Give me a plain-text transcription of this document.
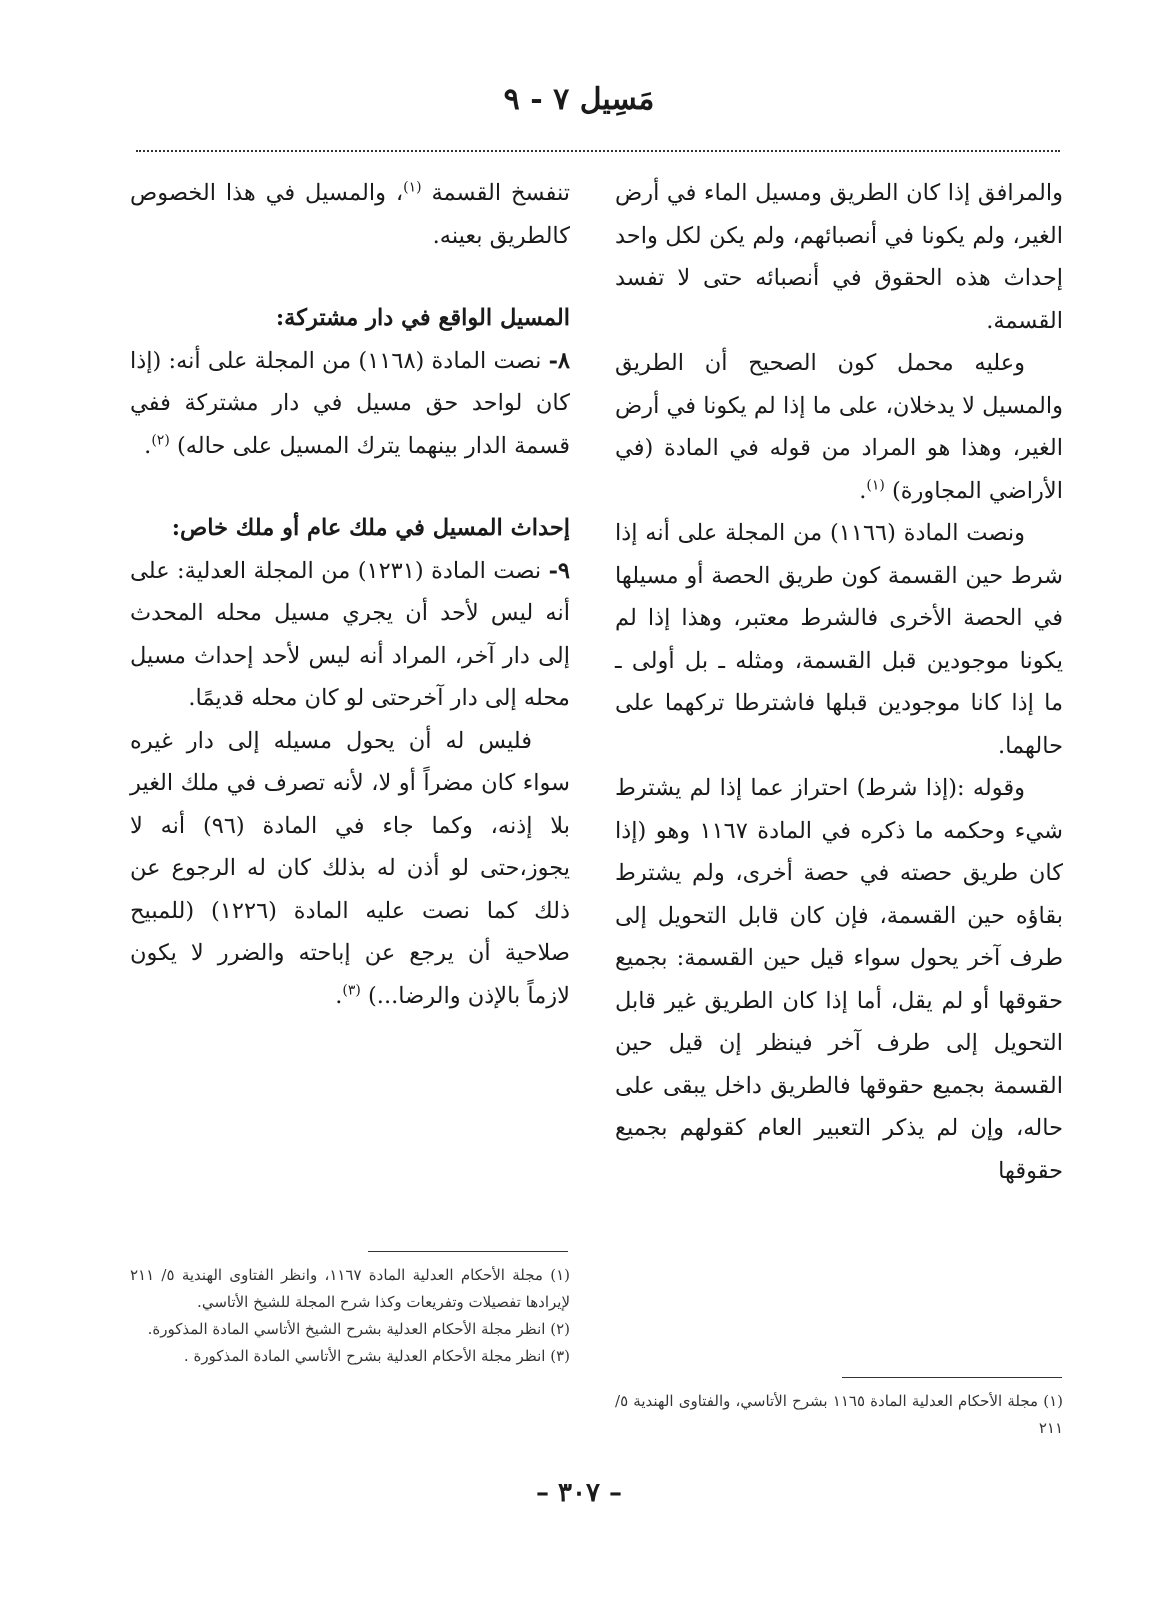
مَسِيل ٧ - ٩

والمرافق إذا كان الطريق ومسيل الماء في أرض الغير، ولم يكونا في أنصبائهم، ولم يكن لكل واحد إحداث هذه الحقوق في أنصبائه حتى لا تفسد القسمة.

وعليه محمل كون الصحيح أن الطريق والمسيل لا يدخلان، على ما إذا لم يكونا في أرض الغير، وهذا هو المراد من قوله في المادة (في الأراضي المجاورة) $^{(١)}$.

ونصت المادة (١١٦٦) من المجلة على أنه إذا شرط حين القسمة كون طريق الحصة أو مسيلها في الحصة الأخرى فالشرط معتبر، وهذا إذا لم يكونا موجودين قبل القسمة، ومثله ـ بل أولى ـ ما إذا كانا موجودين قبلها فاشترطا تركهما على حالهما.

وقوله :(إذا شرط) احتراز عما إذا لم يشترط شيء وحكمه ما ذكره في المادة ١١٦٧ وهو (إذا كان طريق حصته في حصة أخرى، ولم يشترط بقاؤه حين القسمة، فإن كان قابل التحويل إلى طرف آخر يحول سواء قيل حين القسمة: بجميع حقوقها أو لم يقل، أما إذا كان الطريق غير قابل التحويل إلى طرف آخر فينظر إن قيل حين القسمة بجميع حقوقها فالطريق داخل يبقى على حاله، وإن لم يذكر التعبير العام كقولهم بجميع حقوقها

تنفسخ القسمة $^{(١)}$، والمسيل في هذا الخصوص كالطريق بعينه.

المسيل الواقع في دار مشتركة:

٨- نصت المادة (١١٦٨) من المجلة على أنه: (إذا كان لواحد حق مسيل في دار مشتركة ففي قسمة الدار بينهما يترك المسيل على حاله) $^{(٢)}$.

إحداث المسيل في ملك عام أو ملك خاص:

٩- نصت المادة (١٢٣١) من المجلة العدلية: على أنه ليس لأحد أن يجري مسيل محله المحدث إلى دار آخر، المراد أنه ليس لأحد إحداث مسيل محله إلى دار آخرحتى لو كان محله قديمًا.

فليس له أن يحول مسيله إلى دار غيره سواء كان مضراً أو لا، لأنه تصرف في ملك الغير بلا إذنه، وكما جاء في المادة (٩٦) أنه لا يجوز،حتى لو أذن له بذلك كان له الرجوع عن ذلك كما نصت عليه المادة (١٢٢٦) (للمبيح صلاحية أن يرجع عن إباحته والضرر لا يكون لازماً بالإذن والرضا...) $^{(٣)}$.

(١) مجلة الأحكام العدلية المادة ١١٦٧، وانظر الفتاوى الهندية ٥/ ٢١١ لإيرادها تفصيلات وتفريعات وكذا شرح المجلة للشيخ الأتاسي.

(٢) انظر مجلة الأحكام العدلية بشرح الشيخ الأتاسي المادة المذكورة.

(٣) انظر مجلة الأحكام العدلية بشرح الأتاسي المادة المذكورة .

(١) مجلة الأحكام العدلية المادة ١١٦٥ بشرح الأتاسي، والفتاوى الهندية ٥/ ٢١١

– ٣٠٧ –
